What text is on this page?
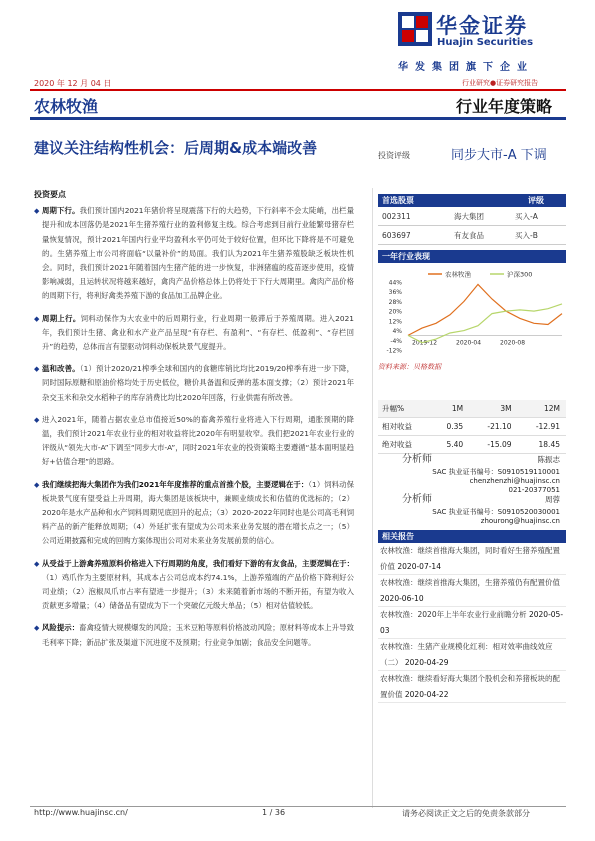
华金证券
Huajin Securities
华发集团旗下企业
2020 年 12 月 04 日	行业研究●证券研究报告
农林牧渔	行业年度策略
建议关注结构性机会：后周期&成本端改善	投资评级	同步大市-A 下调
投资要点
◆ 周期下行。我们预计国内2021年猪价将呈现震荡下行的大趋势，下行斜率不会太陡峭，出栏量提升和成本回落仍是2021年生猪养殖行业的盈利修复主线。综合考虑到目前行业能繁母猪存栏量恢复情况，预计2021年国内行业平均盈利水平仍可处于较好位置，但环比下降将是不可避免的。生猪养殖上市公司将面临“以量补价”的局面。我们认为2021年生猪养殖股缺乏板块性机会。同时，我们预计2021年随着国内生猪产能的进一步恢复，非洲猪瘟的疫苗逐步使用，疫情影响减弱，且运转状况将越来越好，禽肉产品价格总体上仍将处于下行大周期里。禽肉产品价格的周期下行，将利好禽类养殖下游的食品加工品牌企业。
◆ 周期上行。饲料动保作为大农业中的后周期行业，行业周期一般滞后于养殖周期。进入2021年，我们预计生猪、禽业和水产业产品呈现“有存栏、有盈利”、“有存栏、低盈利”、“存栏回升”的趋势，总体而言有望驱动饲料动保板块景气度提升。
◆ 温和改善。（1）预计2020/21榨季全球和国内的食糖库销比均比2019/20榨季有进一步下降，同时国际原糖和原油价格均处于历史低位，糖价具备温和反弹的基本面支撑；（2）预计2021年杂交玉米和杂交水稻种子的库存消费比均比2020年回落，行业供需有所改善。
◆ 进入2021年，随着占据农业总市值接近50%的畜禽养殖行业将进入下行周期，通胀预期的降温，我们预计2021年农业行业的相对收益将比2020年有明显收窄。我们把2021年农业行业的评级从“领先大市-A”下调至“同步大市-A”，同时2021年农业的投资策略主要遵循“基本面明显趋好+估值合理”的思路。
◆ 我们继续把海大集团作为我们2021年年度推荐的重点首推个股，主要逻辑在于：（1）饲料动保板块景气度有望受益上升周期，海大集团是该板块中，兼顾业绩成长和估值的优选标的；（2）2020年是水产品种和水产饲料周期见底回升的起点；（3）2020-2022年同时也是公司高毛利饲料产品的新产能释放周期；（4）外延扩张有望成为公司未来业务发展的潜在增长点之一；（5）公司近期披露和完成的回购方案体现出公司对未来业务发展前景的信心。
◆ 从受益于上游禽养殖原料价格进入下行周期的角度，我们看好下游的有友食品，主要逻辑在于：（1）鸡爪作为主要原材料，其成本占公司总成本约74.1%，上游养殖端的产品价格下降利好公司业绩；（2）泡椒凤爪市占率有望进一步提升；（3）未来随着新市场的不断开拓，有望为收入贡献更多增量；（4）储备品有望成为下一个突破亿元级大单品；（5）相对估值较低。
◆ 风险提示：畜禽疫情大规模爆发的风险；玉米豆粕等原料价格波动风险；原材料等成本上升导致毛利率下降；新品扩张及渠道下沉进度不及预期；行业竞争加剧；食品安全问题等。
首选股票	评级
002311	海大集团	买入-A
603697	有友食品	买入-B
一年行业表现
44%
36%
28%
20%
12%
4%
-4%
-12%
2019-12	2020-04	2020-08
农林牧渔	沪深300
资料来源：贝格数据
升幅%	1M	3M	12M
相对收益	0.35	-21.10	-12.91
绝对收益	5.40	-15.09	18.45
分析师	陈振志
SAC 执业证书编号：S0910519110001
chenzhenzhi@huajinsc.cn
021-20377051
分析师	周蓉
SAC 执业证书编号：S0910520030001
zhourong@huajinsc.cn
相关报告
农林牧渔：继续首推海大集团，同时看好生猪养殖配置价值 2020-07-14
农林牧渔：继续首推海大集团，生猪养殖仍有配置价值 2020-06-10
农林牧渔：2020年上半年农业行业前瞻分析 2020-05-03
农林牧渔：生猪产业规模化红利：相对效率曲线效应（二） 2020-04-29
农林牧渔：继续看好海大集团个股机会和养猪板块的配置价值 2020-04-22
http://www.huajinsc.cn/	1 / 36	请务必阅读正文之后的免责条款部分
